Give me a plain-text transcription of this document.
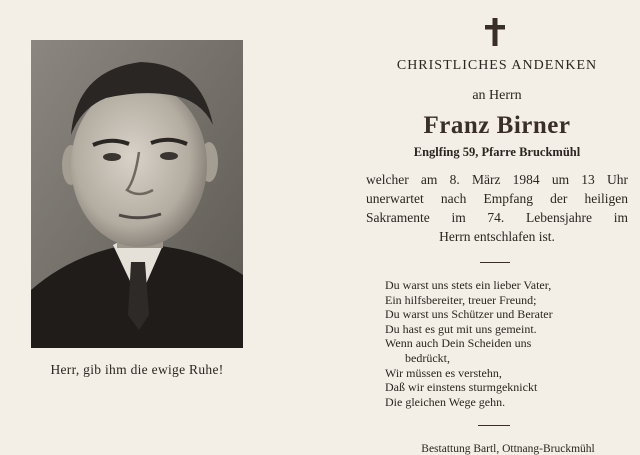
Herr, gib ihm die ewige Ruhe!
CHRISTLICHES ANDENKEN
an Herrn
Franz Birner
Englfing 59, Pfarre Bruckmühl
welcher am 8. März 1984 um 13 Uhr
unerwartet nach Empfang der heiligen
Sakramente im 74. Lebensjahre im
Herrn entschlafen ist.
Du warst uns stets ein lieber Vater,
Ein hilfsbereiter, treuer Freund;
Du warst uns Schützer und Berater
Du hast es gut mit uns gemeint.
Wenn auch Dein Scheiden uns
bedrückt,
Wir müssen es verstehn,
Daß wir einstens sturmgeknickt
Die gleichen Wege gehn.
Bestattung Bartl, Ottnang-Bruckmühl
